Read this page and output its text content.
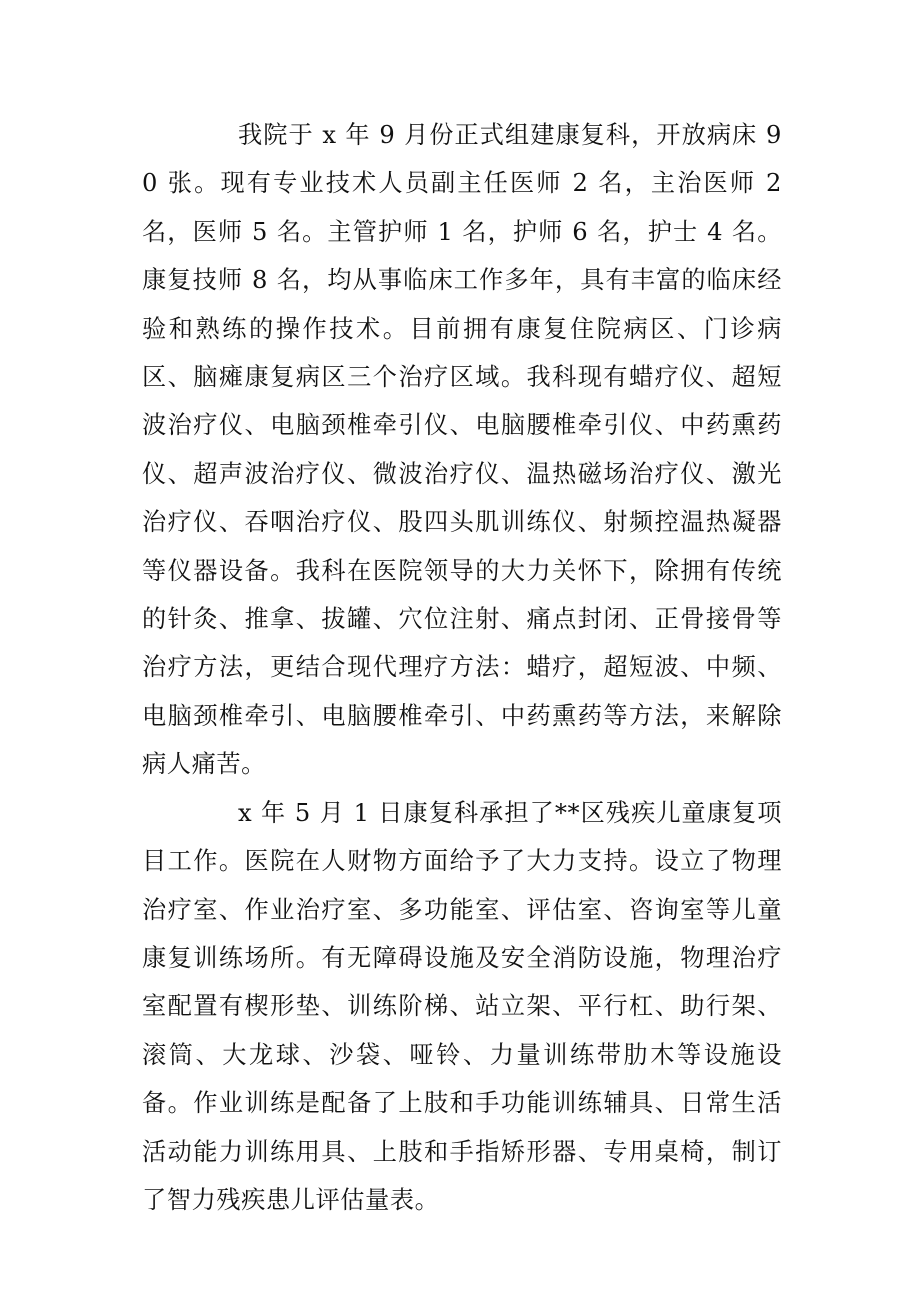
我院于 x 年 9 月份正式组建康复科，开放病床 90 张。现有专业技术人员副主任医师 2 名，主治医师 2 名，医师 5 名。主管护师 1 名，护师 6 名，护士 4 名。康复技师 8 名，均从事临床工作多年，具有丰富的临床经验和熟练的操作技术。目前拥有康复住院病区、门诊病区、脑瘫康复病区三个治疗区域。我科现有蜡疗仪、超短波治疗仪、电脑颈椎牵引仪、电脑腰椎牵引仪、中药熏药仪、超声波治疗仪、微波治疗仪、温热磁场治疗仪、激光治疗仪、吞咽治疗仪、股四头肌训练仪、射频控温热凝器等仪器设备。我科在医院领导的大力关怀下，除拥有传统的针灸、推拿、拔罐、穴位注射、痛点封闭、正骨接骨等治疗方法，更结合现代理疗方法：蜡疗，超短波、中频、电脑颈椎牵引、电脑腰椎牵引、中药熏药等方法，来解除病人痛苦。

x 年 5 月 1 日康复科承担了**区残疾儿童康复项目工作。医院在人财物方面给予了大力支持。设立了物理治疗室、作业治疗室、多功能室、评估室、咨询室等儿童康复训练场所。有无障碍设施及安全消防设施，物理治疗室配置有楔形垫、训练阶梯、站立架、平行杠、助行架、滚筒、大龙球、沙袋、哑铃、力量训练带肋木等设施设备。作业训练是配备了上肢和手功能训练辅具、日常生活活动能力训练用具、上肢和手指矫形器、专用桌椅，制订了智力残疾患儿评估量表。
